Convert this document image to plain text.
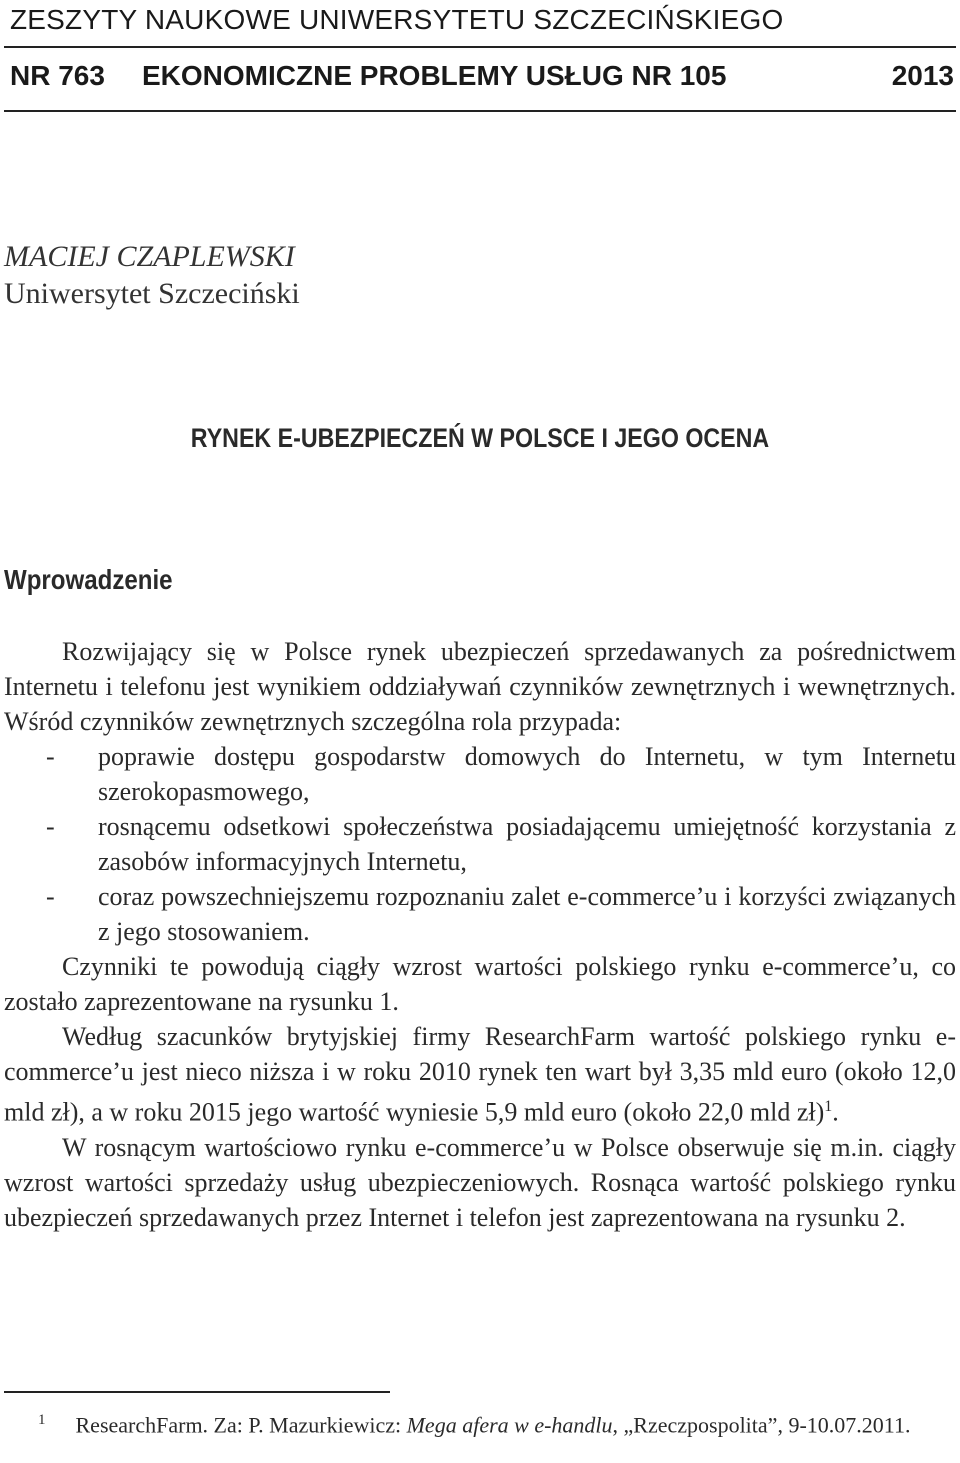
ZESZYTY NAUKOWE UNIWERSYTETU SZCZECIŃSKIEGO
NR 763 EKONOMICZNE PROBLEMY USŁUG NR 105	2013
MACIEJ CZAPLEWSKI
Uniwersytet Szczeciński
RYNEK E-UBEZPIECZEŃ W POLSCE I JEGO OCENA
Wprowadzenie

Rozwijający się w Polsce rynek ubezpieczeń sprzedawanych za pośrednictwem Internetu i telefonu jest wynikiem oddziaływań czynników zewnętrznych i wewnętrznych. Wśród czynników zewnętrznych szczególna rola przypada:

-	poprawie dostępu gospodarstw domowych do Internetu, w tym Internetu szerokopasmowego,
-	rosnącemu odsetkowi społeczeństwa posiadającemu umiejętność korzystania z zasobów informacyjnych Internetu,
-	coraz powszechniejszemu rozpoznaniu zalet e-commerce’u i korzyści związanych z jego stosowaniem.

Czynniki te powodują ciągły wzrost wartości polskiego rynku e-commerce’u, co zostało zaprezentowane na rysunku 1.

Według szacunków brytyjskiej firmy ResearchFarm wartość polskiego rynku e-commerce’u jest nieco niższa i w roku 2010 rynek ten wart był 3,35 mld euro (około 12,0 mld zł), a w roku 2015 jego wartość wyniesie 5,9 mld euro (około 22,0 mld zł)$^1$.

W rosnącym wartościowo rynku e-commerce’u w Polsce obserwuje się m.in. ciągły wzrost wartości sprzedaży usług ubezpieczeniowych. Rosnąca wartość polskiego rynku ubezpieczeń sprzedawanych przez Internet i telefon jest zaprezentowana na rysunku 2.

$^1$ ResearchFarm. Za: P. Mazurkiewicz: Mega afera w e-handlu, „Rzeczpospolita”, 9-10.07.2011.
